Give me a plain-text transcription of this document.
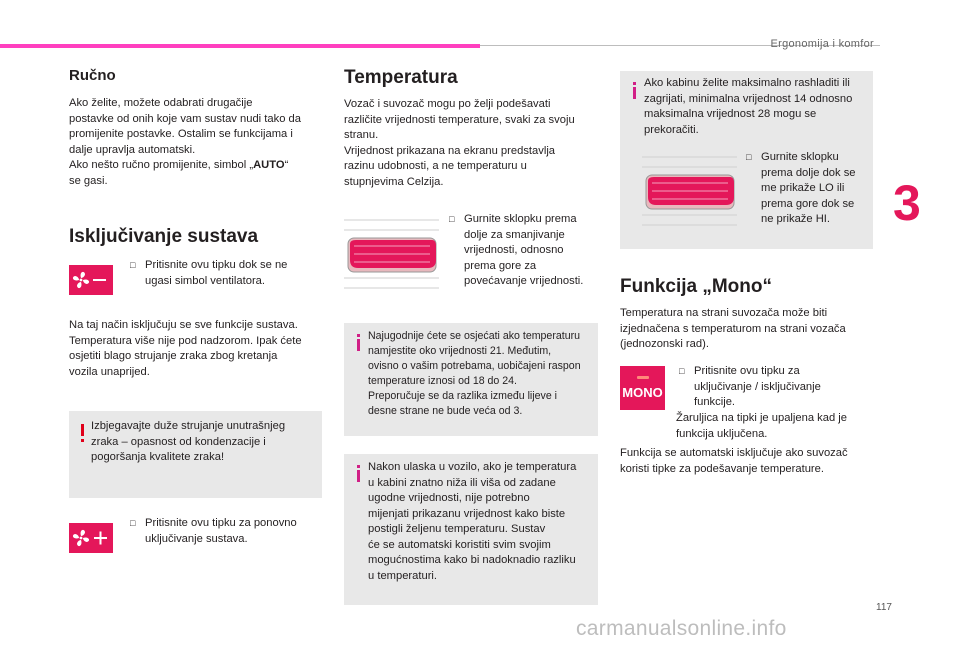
Ergonomija i komfor
3
Ručno
Ako želite, možete odabrati drugačije
postavke od onih koje vam sustav nudi tako da
promijenite postavke. Ostalim se funkcijama i
dalje upravlja automatski.
Ako nešto ručno promijenite, simbol „AUTO“
se gasi.
Isključivanje sustava
□ Pritisnite ovu tipku dok se ne
ugasi simbol ventilatora.
Na taj način isključuju se sve funkcije sustava.
Temperatura više nije pod nadzorom. Ipak ćete
osjetiti blago strujanje zraka zbog kretanja
vozila unaprijed.
Izbjegavajte duže strujanje unutrašnjeg
zraka – opasnost od kondenzacije i
pogoršanja kvalitete zraka!
□ Pritisnite ovu tipku za ponovno
uključivanje sustava.
Temperatura
Vozač i suvozač mogu po želji podešavati
različite vrijednosti temperature, svaki za svoju
stranu.
Vrijednost prikazana na ekranu predstavlja
razinu udobnosti, a ne temperaturu u
stupnjevima Celzija.
□ Gurnite sklopku prema
dolje za smanjivanje
vrijednosti, odnosno
prema gore za
povećavanje vrijednosti.
Najugodnije ćete se osjećati ako temperaturu
namjestite oko vrijednosti 21. Međutim,
ovisno o vašim potrebama, uobičajeni raspon
temperature iznosi od 18 do 24.
Preporučuje se da razlika između lijeve i
desne strane ne bude veća od 3.
Nakon ulaska u vozilo, ako je temperatura
u kabini znatno niža ili viša od zadane
ugodne vrijednosti, nije potrebno
mijenjati prikazanu vrijednost kako biste
postigli željenu temperaturu. Sustav
će se automatski koristiti svim svojim
mogućnostima kako bi nadoknadio razliku
u temperaturi.
Ako kabinu želite maksimalno rashladiti ili
zagrijati, minimalna vrijednost 14 odnosno
maksimalna vrijednost 28 mogu se
prekoračiti.
□ Gurnite sklopku
prema dolje dok se
me prikaže LO ili
prema gore dok se
ne prikaže HI.
Funkcija „Mono“
Temperatura na strani suvozača može biti
izjednačena s temperaturom na strani vozača
(jednozonski rad).
MONO
□ Pritisnite ovu tipku za
uključivanje / isključivanje
funkcije.
Žaruljica na tipki je upaljena kad je
funkcija uključena.
Funkcija se automatski isključuje ako suvozač
koristi tipke za podešavanje temperature.
117
carmanualsonline.info
